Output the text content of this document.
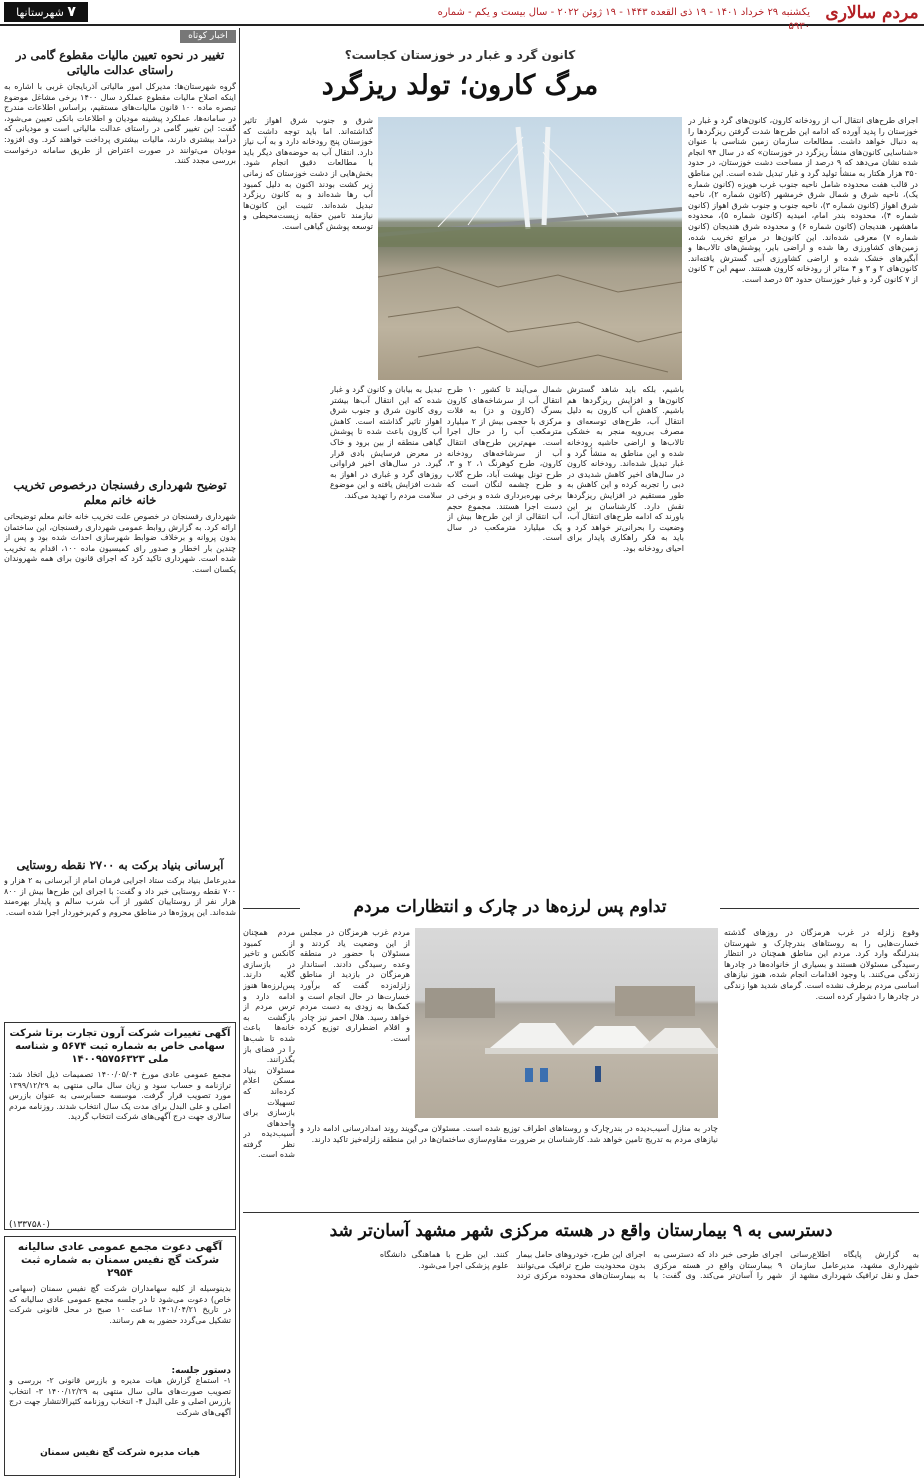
مردم سالاری
یکشنبه ۲۹ خرداد ۱۴۰۱ - ۱۹ ذی القعده ۱۴۴۳ - ۱۹ ژوئن ۲۰۲۲ - سال بیست و یکم - شماره ۵۹۳۰
۷ شهرستانها
کانون گرد و غبار در خوزستان کجاست؟
مرگ کارون؛ تولد ریزگرد
اجرای طرح‌های انتقال آب از رودخانه کارون، کانون‌های گرد و غبار در خوزستان را پدید آورده که ادامه این طرح‌ها شدت گرفتن ریزگردها را به دنبال خواهد داشت. مطالعات سازمان زمین شناسی با عنوان «شناسایی کانون‌های منشأ ریزگرد در خوزستان» که در سال ۹۴ انجام شده نشان می‌دهد که ۹ درصد از مساحت دشت خوزستان، در حدود ۳۵۰ هزار هکتار به منشأ تولید گرد و غبار تبدیل شده است. این مناطق در قالب هفت محدوده شامل ناحیه جنوب غرب هویزه (کانون شماره یک)، ناحیه شرق و شمال شرق خرمشهر (کانون شماره ۲)، ناحیه شرق اهواز (کانون شماره ۳)، ناحیه جنوب و جنوب شرق اهواز (کانون شماره ۴)، محدوده بندر امام، امیدیه (کانون شماره ۵)، محدوده ماهشهر، هندیجان (کانون شماره ۶) و محدوده شرق هندیجان (کانون شماره ۷) معرفی شده‌اند. این کانون‌ها در مراتع تخریب شده، زمین‌های کشاورزی رها شده و اراضی بایر، پوشش‌های تالاب‌ها و آبگیرهای خشک شده و اراضی کشاورزی آبی گسترش یافته‌اند. کانون‌های ۲ و ۳ و ۴ متاثر از رودخانه کارون هستند. سهم این ۳ کانون از ۷ کانون گرد و غبار خوزستان حدود ۵۳ درصد است.
باشیم، بلکه باید شاهد گسترش کانون‌ها و افزایش ریزگردها هم باشیم. کاهش آب کارون به دلیل انتقال آب، طرح‌های توسعه‌ای و مصرف بی‌رویه منجر به خشکی تالاب‌ها و اراضی حاشیه رودخانه شده و این مناطق به منشأ گرد و غبار تبدیل شده‌اند. رودخانه کارون در سال‌های اخیر کاهش شدیدی در دبی را تجربه کرده و این کاهش به طور مستقیم در افزایش ریزگردها نقش دارد. کارشناسان بر این باورند که ادامه طرح‌های انتقال آب، وضعیت را بحرانی‌تر خواهد کرد و باید به فکر راهکاری پایدار برای احیای رودخانه بود.
شمال می‌آیند تا کشور ۱۰ طرح انتقال آب از سرشاخه‌های کارون بسرگ (کارون و دز) به فلات مرکزی با حجمی بیش از ۲ میلیارد مترمکعب آب را در حال اجرا است. مهم‌ترین طرح‌های انتقال آب از سرشاخه‌های رودخانه کارون، طرح کوهرنگ ۱، ۲ و ۳، طرح تونل بهشت آباد، طرح گلاب و طرح چشمه لنگان است که برخی بهره‌برداری شده و برخی در دست اجرا هستند. مجموع حجم آب انتقالی از این طرح‌ها بیش از یک میلیارد مترمکعب در سال است.
تبدیل به بیابان و کانون گرد و غبار شده که این انتقال آب‌ها بیشتر روی کانون شرق و جنوب شرق اهواز تاثیر گذاشته است. کاهش آب کارون باعث شده تا پوشش گیاهی منطقه از بین برود و خاک در معرض فرسایش بادی قرار گیرد. در سال‌های اخیر فراوانی روزهای گرد و غباری در اهواز به شدت افزایش یافته و این موضوع سلامت مردم را تهدید می‌کند.
شرق و جنوب شرق اهواز تاثیر گذاشته‌اند. اما باید توجه داشت که خوزستان پنج رودخانه دارد و به آب نیاز دارد. انتقال آب به حوضه‌های دیگر باید با مطالعات دقیق انجام شود. بخش‌هایی از دشت خوزستان که زمانی زیر کشت بودند اکنون به دلیل کمبود آب رها شده‌اند و به کانون ریزگرد تبدیل شده‌اند. تثبیت این کانون‌ها نیازمند تامین حقابه زیست‌محیطی و توسعه پوشش گیاهی است.
تداوم پس لرزه‌ها در چارک و انتظارات مردم
وقوع زلزله در غرب هرمزگان در روزهای گذشته خسارت‌هایی را به روستاهای بندرچارک و شهرستان بندرلنگه وارد کرد. مردم این مناطق همچنان در انتظار رسیدگی مسئولان هستند و بسیاری از خانواده‌ها در چادرها زندگی می‌کنند. با وجود اقدامات انجام شده، هنوز نیازهای اساسی مردم برطرف نشده است. گرمای شدید هوا زندگی در چادرها را دشوار کرده است.
مردم غرب هرمزگان در مجلس از این وضعیت یاد کردند و مسئولان با حضور در منطقه وعده رسیدگی دادند. استاندار هرمزگان در بازدید از مناطق زلزله‌زده گفت که برآورد خسارت‌ها در حال انجام است و کمک‌ها به زودی به دست مردم خواهد رسید. هلال احمر نیز چادر و اقلام اضطراری توزیع کرده است.
مردم همچنان از کمبود کانکس و تاخیر در بازسازی گلایه دارند. پس‌لرزه‌ها هنوز ادامه دارد و ترس مردم از بازگشت به خانه‌ها باعث شده تا شب‌ها را در فضای باز بگذرانند. مسئولان بنیاد مسکن اعلام کرده‌اند که تسهیلات بازسازی برای واحدهای آسیب‌دیده در نظر گرفته شده است.
چادر به منازل آسیب‌دیده در بندرچارک و روستاهای اطراف توزیع شده است. مسئولان می‌گویند روند امدادرسانی ادامه دارد و نیازهای مردم به تدریج تامین خواهد شد. کارشناسان بر ضرورت مقاوم‌سازی ساختمان‌ها در این منطقه زلزله‌خیز تاکید دارند.
دسترسی به ۹ بیمارستان واقع در هسته مرکزی شهر مشهد آسان‌تر شد
به گزارش پایگاه اطلاع‌رسانی شهرداری مشهد، مدیرعامل سازمان حمل و نقل ترافیک شهرداری مشهد از اجرای طرحی خبر داد که دسترسی به ۹ بیمارستان واقع در هسته مرکزی شهر را آسان‌تر می‌کند. وی گفت: با اجرای این طرح، خودروهای حامل بیمار بدون محدودیت طرح ترافیک می‌توانند به بیمارستان‌های محدوده مرکزی تردد کنند. این طرح با هماهنگی دانشگاه علوم پزشکی اجرا می‌شود.
اخبار کوتاه
تغییر در نحوه تعیین مالیات مقطوع گامی در راستای عدالت مالیاتی
گروه شهرستان‌ها: مدیرکل امور مالیاتی آذربایجان غربی با اشاره به اینکه اصلاح مالیات مقطوع عملکرد سال ۱۴۰۰ برخی مشاغل موضوع تبصره ماده ۱۰۰ قانون مالیات‌های مستقیم، براساس اطلاعات مندرج در سامانه‌ها، عملکرد پیشینه مودیان و اطلاعات بانکی تعیین می‌شود، گفت: این تغییر گامی در راستای عدالت مالیاتی است و مودیانی که درآمد بیشتری دارند، مالیات بیشتری پرداخت خواهند کرد. وی افزود: مودیان می‌توانند در صورت اعتراض از طریق سامانه درخواست بررسی مجدد کنند.
توضیح شهرداری رفسنجان درخصوص تخریب خانه خانم معلم
شهرداری رفسنجان در خصوص علت تخریب خانه خانم معلم توضیحاتی ارائه کرد. به گزارش روابط عمومی شهرداری رفسنجان، این ساختمان بدون پروانه و برخلاف ضوابط شهرسازی احداث شده بود و پس از چندین بار اخطار و صدور رای کمیسیون ماده ۱۰۰، اقدام به تخریب شده است. شهرداری تاکید کرد که اجرای قانون برای همه شهروندان یکسان است.
آبرسانی بنیاد برکت به ۲۷۰۰ نقطه روستایی
مدیرعامل بنیاد برکت ستاد اجرایی فرمان امام از آبرسانی به ۲ هزار و ۷۰۰ نقطه روستایی خبر داد و گفت: با اجرای این طرح‌ها بیش از ۸۰۰ هزار نفر از روستاییان کشور از آب شرب سالم و پایدار بهره‌مند شده‌اند. این پروژه‌ها در مناطق محروم و کم‌برخوردار اجرا شده است.
آگهی تغییرات شرکت آرون تجارت برتا شرکت سهامی خاص به شماره ثبت ۵۶۷۴ و شناسه ملی ۱۴۰۰۹۵۷۵۶۳۲۳
مجمع عمومی عادی مورخ ۱۴۰۰/۰۵/۰۴ تصمیمات ذیل اتخاذ شد: ترازنامه و حساب سود و زیان سال مالی منتهی به ۱۳۹۹/۱۲/۲۹ مورد تصویب قرار گرفت. موسسه حسابرسی به عنوان بازرس اصلی و علی البدل برای مدت یک سال انتخاب شدند. روزنامه مردم سالاری جهت درج آگهی‌های شرکت انتخاب گردید.
(۱۳۳۷۵۸۰)
آگهی دعوت مجمع عمومی عادی سالیانه شرکت گچ نفیس سمنان به شماره ثبت ۲۹۵۴
بدینوسیله از کلیه سهامداران شرکت گچ نفیس سمنان (سهامی خاص) دعوت می‌شود تا در جلسه مجمع عمومی عادی سالیانه که در تاریخ ۱۴۰۱/۰۴/۲۱ ساعت ۱۰ صبح در محل قانونی شرکت تشکیل می‌گردد حضور به هم رسانند.
دستور جلسه:
۱- استماع گزارش هیات مدیره و بازرس قانونی ۲- بررسی و تصویب صورت‌های مالی سال منتهی به ۱۴۰۰/۱۲/۲۹ ۳- انتخاب بازرس اصلی و علی البدل ۴- انتخاب روزنامه کثیرالانتشار جهت درج آگهی‌های شرکت
هیات مدیره شرکت گچ نفیس سمنان
